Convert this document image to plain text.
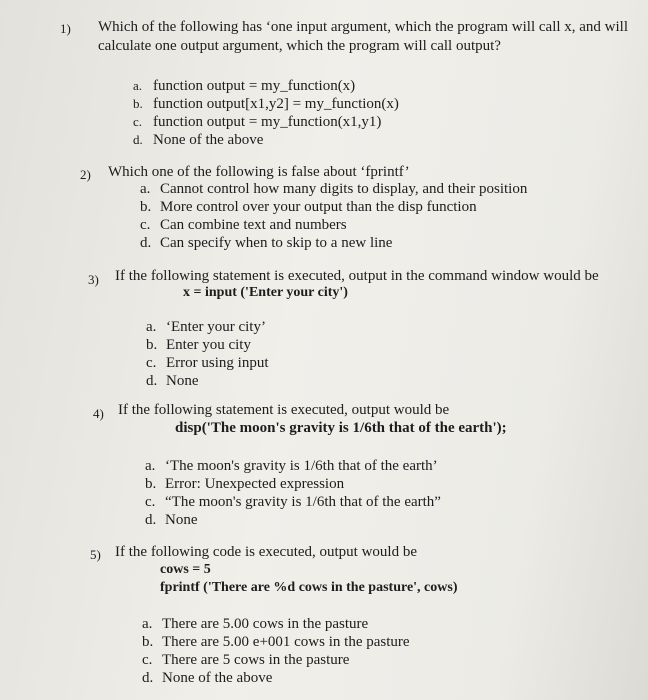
1) Which of the following has ‘one input argument, which the program will call x, and will
calculate one output argument, which the program will call output?
a. function output = my_function(x)
b. function output[x1,y2] = my_function(x)
c. function output = my_function(x1,y1)
d. None of the above
2) Which one of the following is false about ‘fprintf’
a. Cannot control how many digits to display, and their position
b. More control over your output than the disp function
c. Can combine text and numbers
d. Can specify when to skip to a new line
3) If the following statement is executed, output in the command window would be
x = input ('Enter your city')
a. ‘Enter your city’
b. Enter you city
c. Error using input
d. None
4) If the following statement is executed, output would be
disp('The moon's gravity is 1/6th that of the earth');
a. ‘The moon's gravity is 1/6th that of the earth’
b. Error: Unexpected expression
c. “The moon's gravity is 1/6th that of the earth”
d. None
5) If the following code is executed, output would be
cows = 5
fprintf ('There are %d cows in the pasture', cows)
a. There are 5.00 cows in the pasture
b. There are 5.00 e+001 cows in the pasture
c. There are 5 cows in the pasture
d. None of the above
